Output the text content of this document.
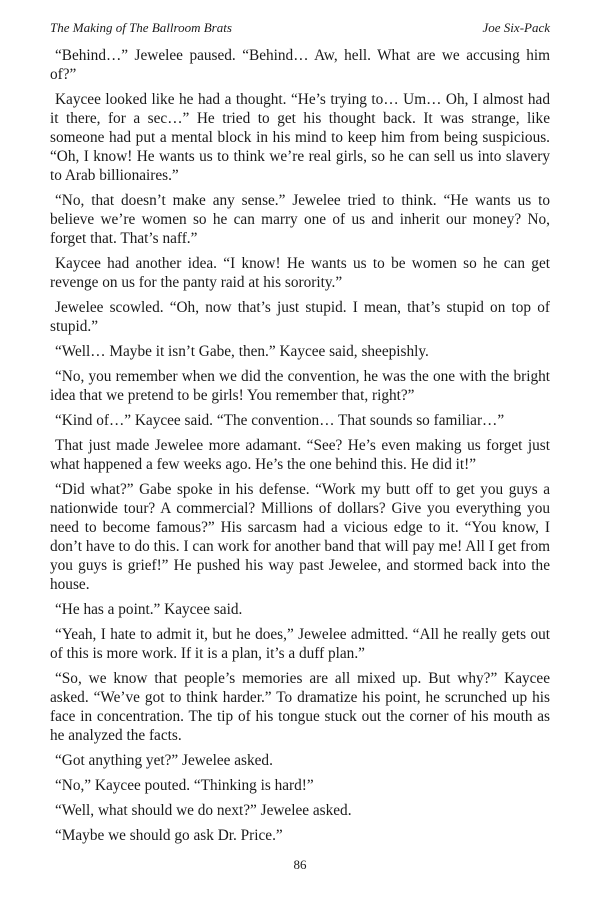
The Making of The Ballroom Brats	Joe Six-Pack

“Behind…” Jewelee paused. “Behind… Aw, hell. What are we accusing him of?”

Kaycee looked like he had a thought. “He’s trying to… Um… Oh, I almost had it there, for a sec…” He tried to get his thought back. It was strange, like someone had put a mental block in his mind to keep him from being suspicious. “Oh, I know! He wants us to think we’re real girls, so he can sell us into slavery to Arab billionaires.”

“No, that doesn’t make any sense.” Jewelee tried to think. “He wants us to believe we’re women so he can marry one of us and inherit our money? No, forget that. That’s naff.”

Kaycee had another idea. “I know! He wants us to be women so he can get revenge on us for the panty raid at his sorority.”

Jewelee scowled. “Oh, now that’s just stupid. I mean, that’s stupid on top of stupid.”

“Well… Maybe it isn’t Gabe, then.” Kaycee said, sheepishly.

“No, you remember when we did the convention, he was the one with the bright idea that we pretend to be girls! You remember that, right?”

“Kind of…” Kaycee said. “The convention… That sounds so familiar…”

That just made Jewelee more adamant. “See? He’s even making us forget just what happened a few weeks ago. He’s the one behind this. He did it!”

“Did what?” Gabe spoke in his defense. “Work my butt off to get you guys a nationwide tour? A commercial? Millions of dollars? Give you everything you need to become famous?” His sarcasm had a vicious edge to it. “You know, I don’t have to do this. I can work for another band that will pay me! All I get from you guys is grief!” He pushed his way past Jewelee, and stormed back into the house.

“He has a point.” Kaycee said.

“Yeah, I hate to admit it, but he does,” Jewelee admitted. “All he really gets out of this is more work. If it is a plan, it’s a duff plan.”

“So, we know that people’s memories are all mixed up. But why?” Kaycee asked. “We’ve got to think harder.” To dramatize his point, he scrunched up his face in concentration. The tip of his tongue stuck out the corner of his mouth as he analyzed the facts.

“Got anything yet?” Jewelee asked.

“No,” Kaycee pouted. “Thinking is hard!”

“Well, what should we do next?” Jewelee asked.

“Maybe we should go ask Dr. Price.”

86
